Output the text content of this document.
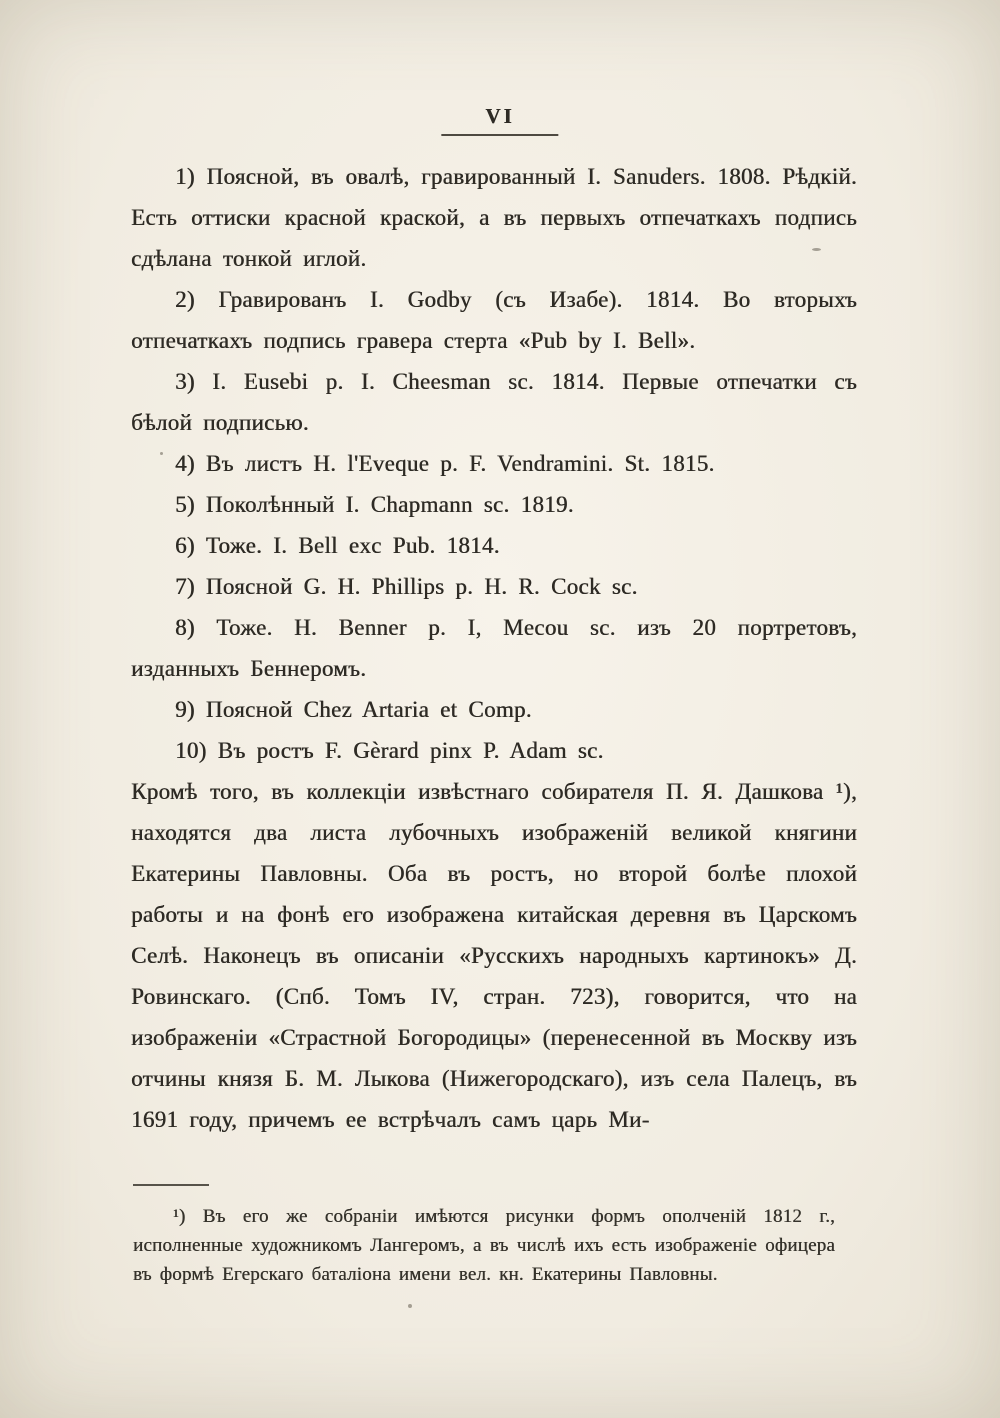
VI

1) Поясной, въ овалѣ, гравированный I. Sanuders. 1808. Рѣдкій. Есть оттиски красной краской, а въ первыхъ отпечаткахъ подпись сдѣлана тонкой иглой.

2) Гравированъ I. Godby (съ Изабе). 1814. Во вторыхъ отпечаткахъ подпись гравера стерта «Pub by I. Bell».

3) I. Eusebi p. I. Cheesman sc. 1814. Первые отпечатки съ бѣлой подписью.

4) Въ листъ H. l'Eveque p. F. Vendramini. St. 1815.

5) Поколѣнный I. Chapmann sc. 1819.

6) Тоже. I. Bell exc Pub. 1814.

7) Поясной G. H. Phillips p. H. R. Cock sc.

8) Тоже. H. Benner p. I, Mecou sc. изъ 20 портретовъ, изданныхъ Беннеромъ.

9) Поясной Chez Artaria et Comp.

10) Въ ростъ F. Gèrard pinx P. Adam sc.

Кромѣ того, въ коллекціи извѣстнаго собирателя П. Я. Дашкова ¹), находятся два листа лубочныхъ изображеній великой княгини Екатерины Павловны. Оба въ ростъ, но второй болѣе плохой работы и на фонѣ его изображена китайская деревня въ Царскомъ Селѣ. Наконецъ въ описаніи «Русскихъ народныхъ картинокъ» Д. Ровинскаго. (Спб. Томъ IV, стран. 723), говорится, что на изображеніи «Страстной Богородицы» (перенесенной въ Москву изъ отчины князя Б. М. Лыкова (Нижегородскаго), изъ села Палецъ, въ 1691 году, причемъ ее встрѣчалъ самъ царь Ми-

¹) Въ его же собраніи имѣются рисунки формъ ополченій 1812 г., исполненные художникомъ Лангеромъ, а въ числѣ ихъ есть изображеніе офицера въ формѣ Егерскаго баталіона имени вел. кн. Екатерины Павловны.
